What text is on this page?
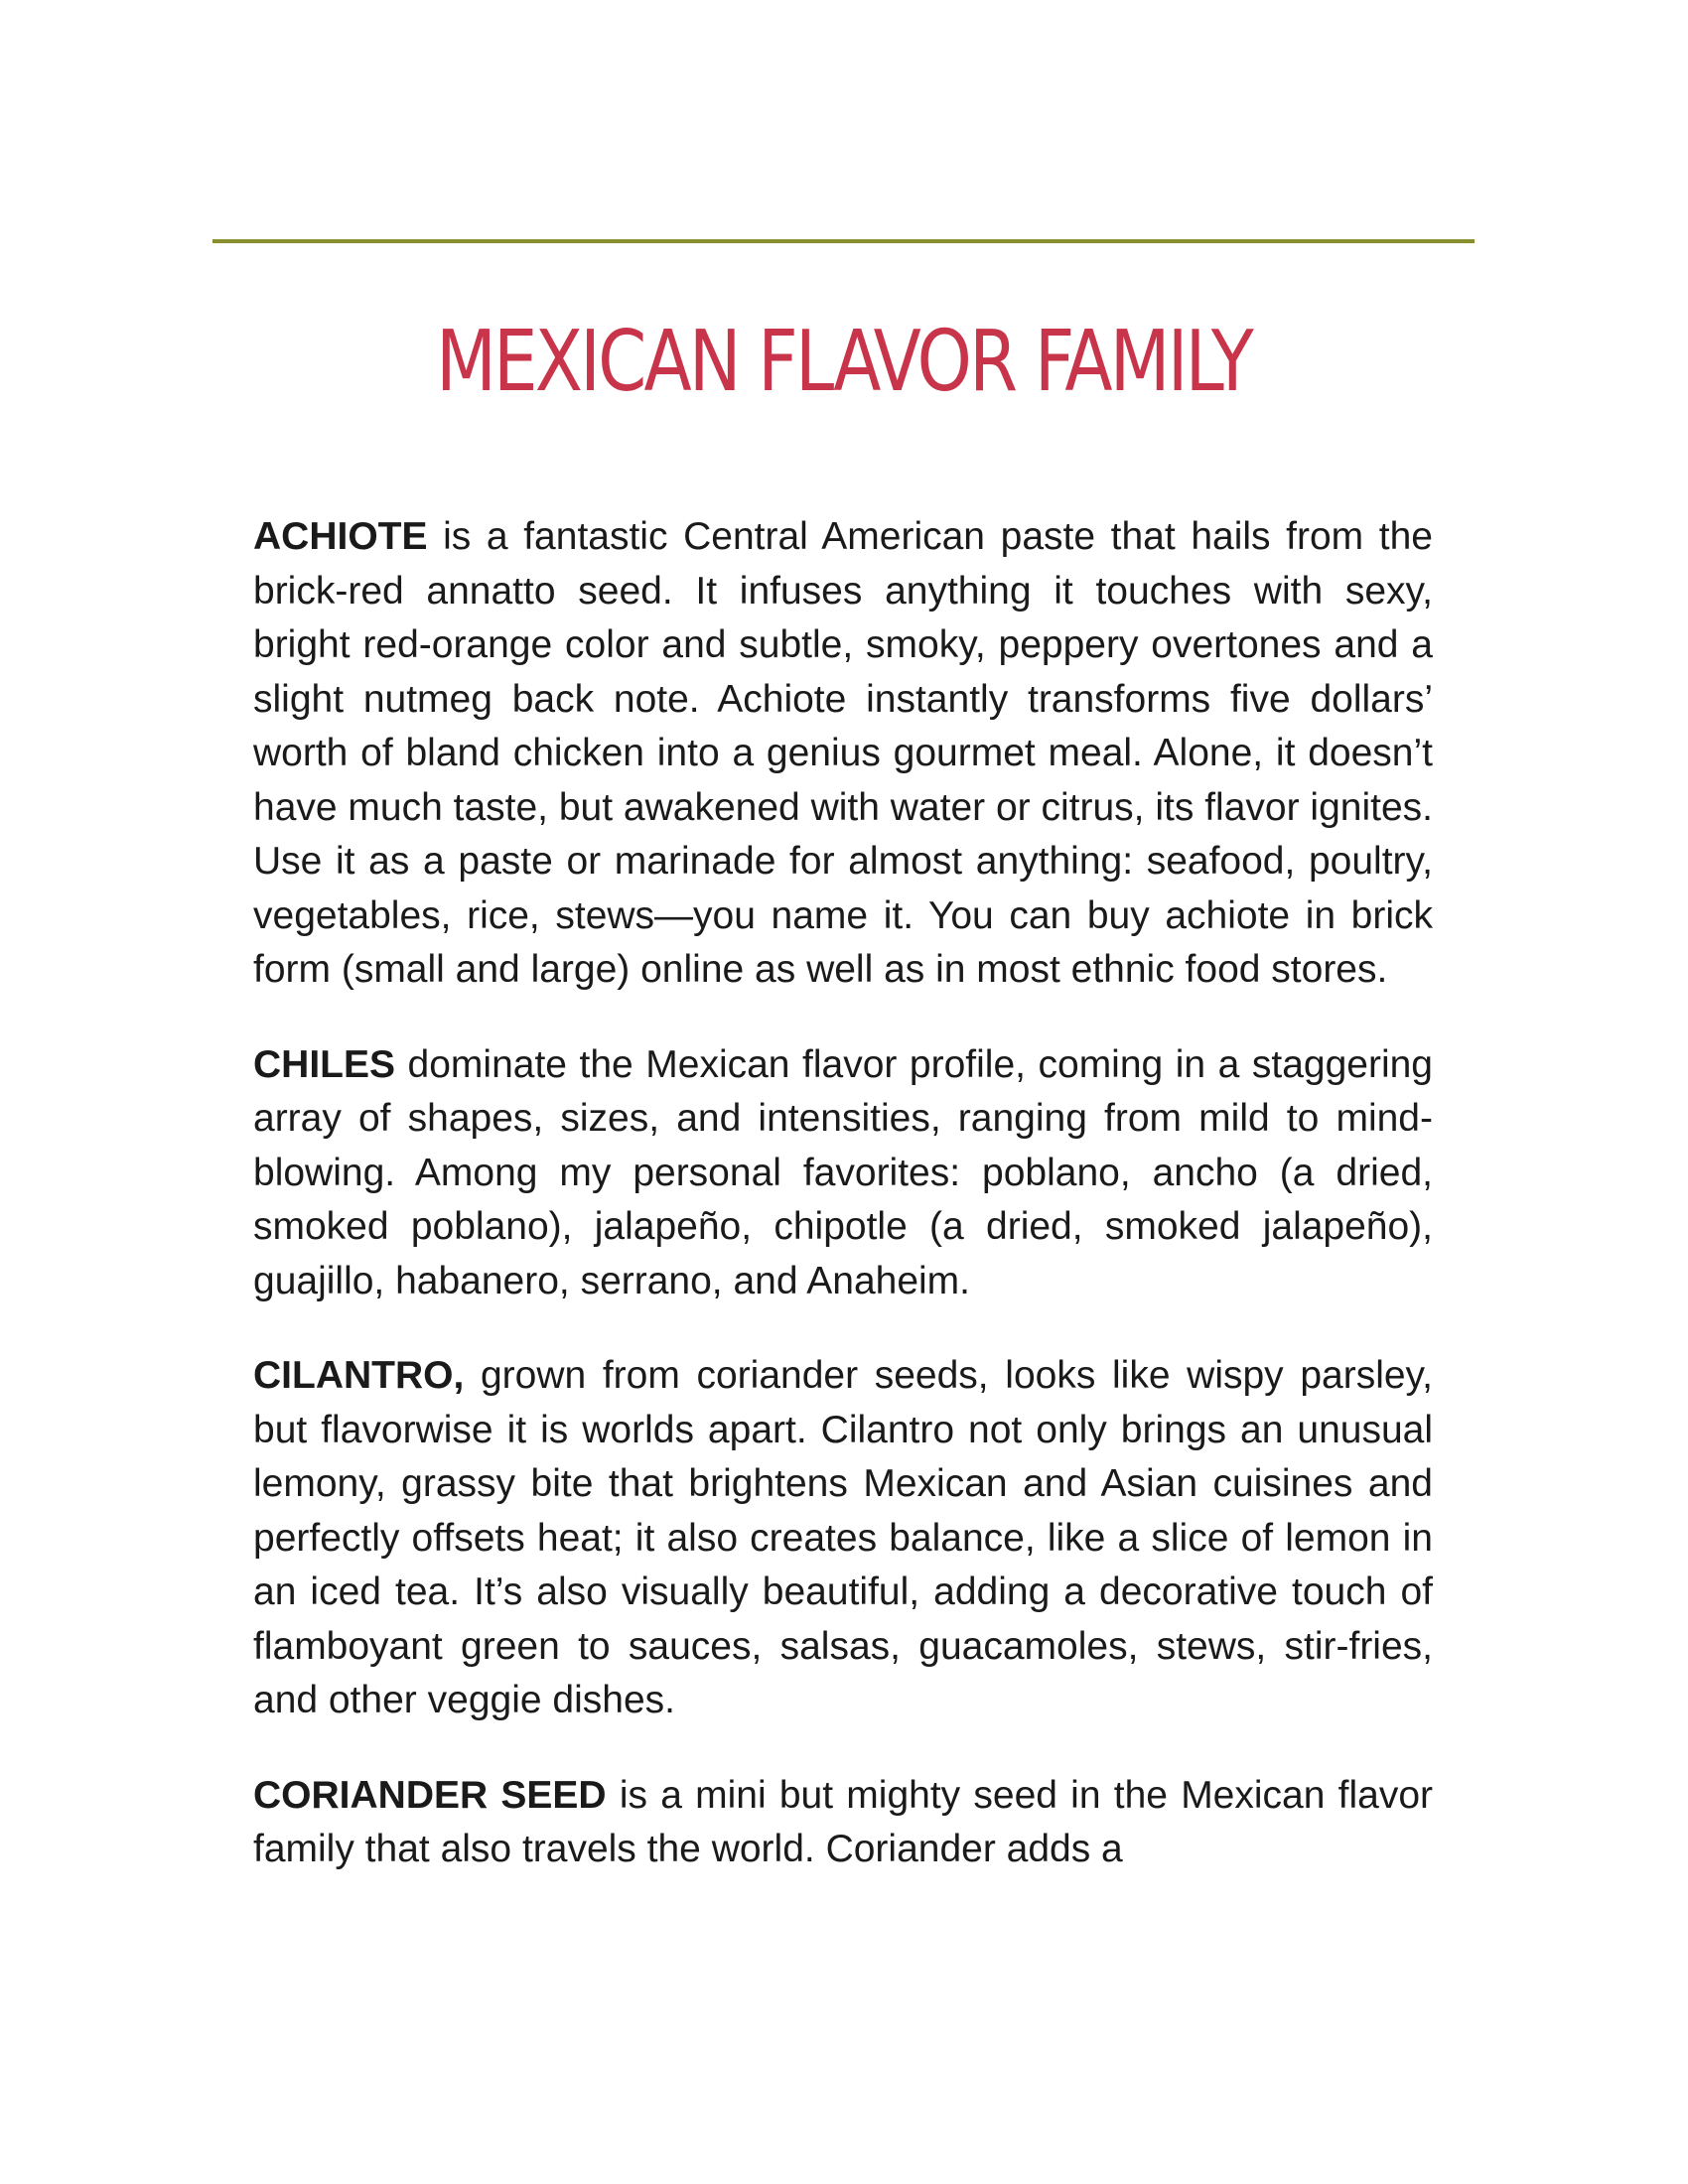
MEXICAN FLAVOR FAMILY

ACHIOTE is a fantastic Central American paste that hails from the brick-red annatto seed. It infuses anything it touches with sexy, bright red-orange color and subtle, smoky, peppery overtones and a slight nutmeg back note. Achiote instantly transforms five dollars’ worth of bland chicken into a genius gourmet meal. Alone, it doesn’t have much taste, but awakened with water or citrus, its flavor ignites. Use it as a paste or marinade for almost anything: seafood, poultry, vegetables, rice, stews—you name it. You can buy achiote in brick form (small and large) online as well as in most ethnic food stores.

CHILES dominate the Mexican flavor profile, coming in a staggering array of shapes, sizes, and intensities, ranging from mild to mind-blowing. Among my personal favorites: poblano, ancho (a dried, smoked poblano), jalapeño, chipotle (a dried, smoked jalapeño), guajillo, habanero, serrano, and Anaheim.

CILANTRO, grown from coriander seeds, looks like wispy parsley, but flavorwise it is worlds apart. Cilantro not only brings an unusual lemony, grassy bite that brightens Mexican and Asian cuisines and perfectly offsets heat; it also creates balance, like a slice of lemon in an iced tea. It’s also visually beautiful, adding a decorative touch of flamboyant green to sauces, salsas, guacamoles, stews, stir-fries, and other veggie dishes.

CORIANDER SEED is a mini but mighty seed in the Mexican flavor family that also travels the world. Coriander adds a
